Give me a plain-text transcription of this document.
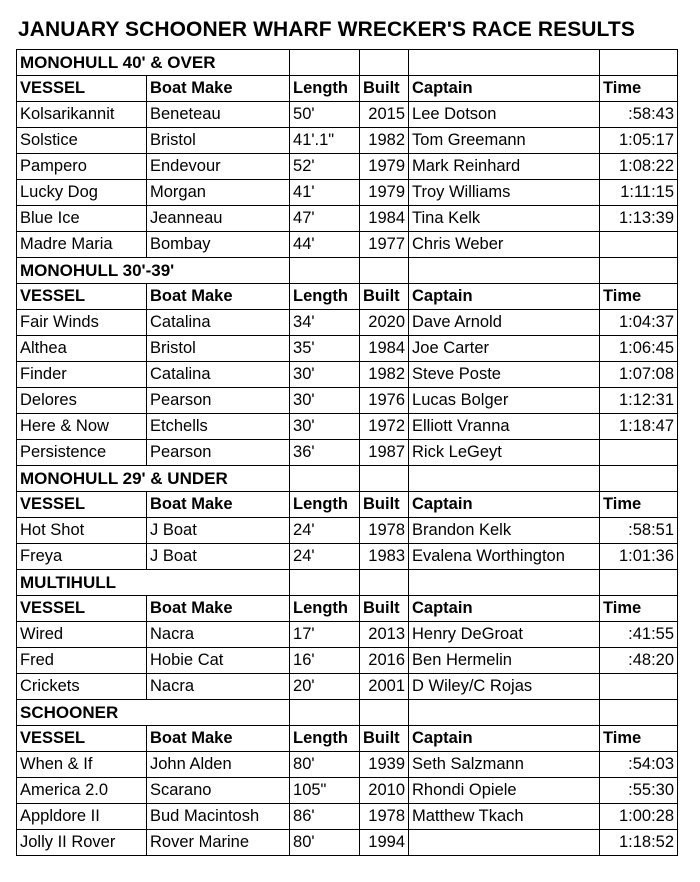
JANUARY SCHOONER WHARF WRECKER'S RACE RESULTS
MONOHULL 40' & OVER					
VESSEL	Boat Make	Length	Built	Captain	Time
Kolsarikannit	Beneteau	50'	2015	Lee Dotson	:58:43
Solstice	Bristol	41'.1"	1982	Tom Greemann	1:05:17
Pampero	Endevour	52'	1979	Mark Reinhard	1:08:22
Lucky Dog	Morgan	41'	1979	Troy Williams	1:11:15
Blue Ice	Jeanneau	47'	1984	Tina Kelk	1:13:39
Madre Maria	Bombay	44'	1977	Chris Weber	
MONOHULL 30'-39'					
VESSEL	Boat Make	Length	Built	Captain	Time
Fair Winds	Catalina	34'	2020	Dave Arnold	1:04:37
Althea	Bristol	35'	1984	Joe Carter	1:06:45
Finder	Catalina	30'	1982	Steve Poste	1:07:08
Delores	Pearson	30'	1976	Lucas Bolger	1:12:31
Here & Now	Etchells	30'	1972	Elliott Vranna	1:18:47
Persistence	Pearson	36'	1987	Rick LeGeyt	
MONOHULL 29' & UNDER					
VESSEL	Boat Make	Length	Built	Captain	Time
Hot Shot	J Boat	24'	1978	Brandon Kelk	:58:51
Freya	J Boat	24'	1983	Evalena Worthington	1:01:36
MULTIHULL					
VESSEL	Boat Make	Length	Built	Captain	Time
Wired	Nacra	17'	2013	Henry DeGroat	:41:55
Fred	Hobie Cat	16'	2016	Ben Hermelin	:48:20
Crickets	Nacra	20'	2001	D Wiley/C Rojas	
SCHOONER					
VESSEL	Boat Make	Length	Built	Captain	Time
When & If	John Alden	80'	1939	Seth Salzmann	:54:03
America 2.0	Scarano	105"	2010	Rhondi Opiele	:55:30
Appldore II	Bud Macintosh	86'	1978	Matthew Tkach	1:00:28
Jolly II Rover	Rover Marine	80'	1994		1:18:52
